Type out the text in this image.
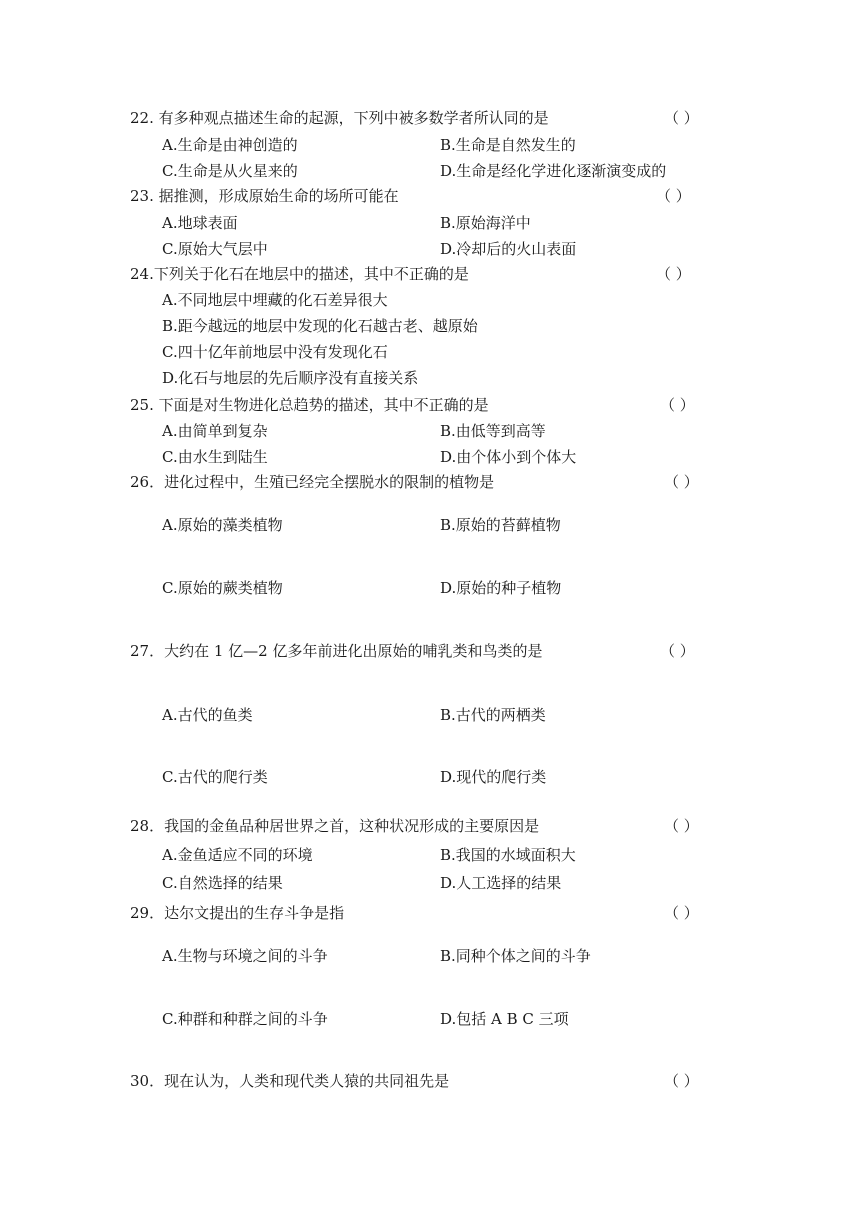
22. 有多种观点描述生命的起源，下列中被多数学者所认同的是	（ ）
A.生命是由神创造的	B.生命是自然发生的
C.生命是从火星来的	D.生命是经化学进化逐渐演变成的
23. 据推测，形成原始生命的场所可能在	（ ）
A.地球表面	B.原始海洋中
C.原始大气层中	D.冷却后的火山表面
24.下列关于化石在地层中的描述，其中不正确的是	（ ）
A.不同地层中埋藏的化石差异很大
B.距今越远的地层中发现的化石越古老、越原始
C.四十亿年前地层中没有发现化石
D.化石与地层的先后顺序没有直接关系
25. 下面是对生物进化总趋势的描述，其中不正确的是	（ ）
A.由简单到复杂	B.由低等到高等
C.由水生到陆生	D.由个体小到个体大
26．进化过程中，生殖已经完全摆脱水的限制的植物是	（ ）
A.原始的藻类植物	B.原始的苔藓植物
C.原始的蕨类植物	D.原始的种子植物
27．大约在 1 亿—2 亿多年前进化出原始的哺乳类和鸟类的是	（ ）
A.古代的鱼类	B.古代的两栖类
C.古代的爬行类	D.现代的爬行类
28．我国的金鱼品种居世界之首，这种状况形成的主要原因是	（ ）
A.金鱼适应不同的环境	B.我国的水域面积大
C.自然选择的结果	D.人工选择的结果
29．达尔文提出的生存斗争是指	（ ）
A.生物与环境之间的斗争	B.同种个体之间的斗争
C.种群和种群之间的斗争	D.包括 A B C 三项
30．现在认为，人类和现代类人猿的共同祖先是	（ ）
